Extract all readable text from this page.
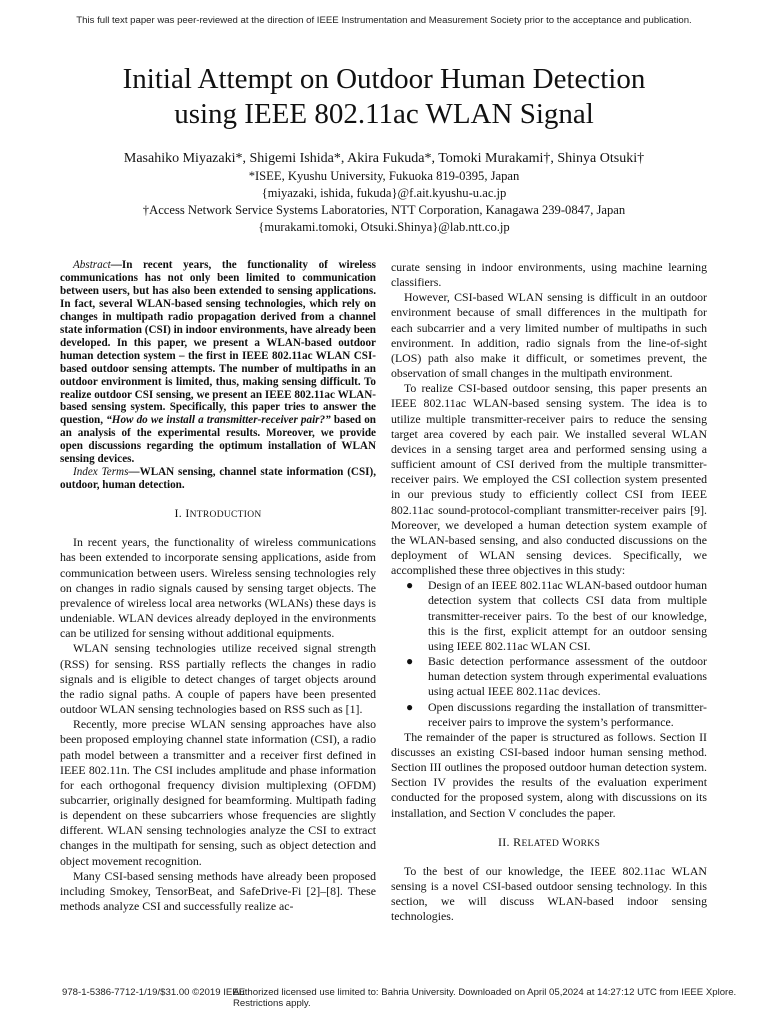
This full text paper was peer-reviewed at the direction of IEEE Instrumentation and Measurement Society prior to the acceptance and publication.
Initial Attempt on Outdoor Human Detection
using IEEE 802.11ac WLAN Signal
Masahiko Miyazaki*, Shigemi Ishida*, Akira Fukuda*, Tomoki Murakami†, Shinya Otsuki†
*ISEE, Kyushu University, Fukuoka 819-0395, Japan
{miyazaki, ishida, fukuda}@f.ait.kyushu-u.ac.jp
†Access Network Service Systems Laboratories, NTT Corporation, Kanagawa 239-0847, Japan
{murakami.tomoki, Otsuki.Shinya}@lab.ntt.co.jp

Abstract—In recent years, the functionality of wireless communications has not only been limited to communication between users, but has also been extended to sensing applications. In fact, several WLAN-based sensing technologies, which rely on changes in multipath radio propagation derived from a channel state information (CSI) in indoor environments, have already been developed. In this paper, we present a WLAN-based outdoor human detection system – the first in IEEE 802.11ac WLAN CSI-based outdoor sensing attempts. The number of multipaths in an outdoor environment is limited, thus, making sensing difficult. To realize outdoor CSI sensing, we present an IEEE 802.11ac WLAN-based sensing system. Specifically, this paper tries to answer the question, “How do we install a transmitter-receiver pair?” based on an analysis of the experimental results. Moreover, we provide open discussions regarding the optimum installation of WLAN sensing devices.

Index Terms—WLAN sensing, channel state information (CSI), outdoor, human detection.

I. INTRODUCTION

In recent years, the functionality of wireless communications has been extended to incorporate sensing applications, aside from communication between users. Wireless sensing technologies rely on changes in radio signals caused by sensing target objects. The prevalence of wireless local area networks (WLANs) these days is undeniable. WLAN devices already deployed in the environments can be utilized for sensing without additional equipments.

WLAN sensing technologies utilize received signal strength (RSS) for sensing. RSS partially reflects the changes in radio signals and is eligible to detect changes of target objects around the radio signal paths. A couple of papers have been presented outdoor WLAN sensing technologies based on RSS such as [1].

Recently, more precise WLAN sensing approaches have also been proposed employing channel state information (CSI), a radio path model between a transmitter and a receiver first defined in IEEE 802.11n. The CSI includes amplitude and phase information for each orthogonal frequency division multiplexing (OFDM) subcarrier, originally designed for beamforming. Multipath fading is dependent on these subcarriers whose frequencies are slightly different. WLAN sensing technologies analyze the CSI to extract changes in the multipath for sensing, such as object detection and object movement recognition.

Many CSI-based sensing methods have already been proposed including Smokey, TensorBeat, and SafeDrive-Fi [2]–[8]. These methods analyze CSI and successfully realize ac-

curate sensing in indoor environments, using machine learning classifiers.

However, CSI-based WLAN sensing is difficult in an outdoor environment because of small differences in the multipath for each subcarrier and a very limited number of multipaths in such environment. In addition, radio signals from the line-of-sight (LOS) path also make it difficult, or sometimes prevent, the observation of small changes in the multipath environment.

To realize CSI-based outdoor sensing, this paper presents an IEEE 802.11ac WLAN-based sensing system. The idea is to utilize multiple transmitter-receiver pairs to reduce the sensing target area covered by each pair. We installed several WLAN devices in a sensing target area and performed sensing using a sufficient amount of CSI derived from the multiple transmitter-receiver pairs. We employed the CSI collection system presented in our previous study to efficiently collect CSI from IEEE 802.11ac sound-protocol-compliant transmitter-receiver pairs [9]. Moreover, we developed a human detection system example of the WLAN-based sensing, and also conducted discussions on the deployment of WLAN sensing devices. Specifically, we accomplished these three objectives in this study:

● Design of an IEEE 802.11ac WLAN-based outdoor human detection system that collects CSI data from multiple transmitter-receiver pairs. To the best of our knowledge, this is the first, explicit attempt for an outdoor sensing using IEEE 802.11ac WLAN CSI.
● Basic detection performance assessment of the outdoor human detection system through experimental evaluations using actual IEEE 802.11ac devices.
● Open discussions regarding the installation of transmitter-receiver pairs to improve the system’s performance.

The remainder of the paper is structured as follows. Section II discusses an existing CSI-based indoor human sensing method. Section III outlines the proposed outdoor human detection system. Section IV provides the results of the evaluation experiment conducted for the proposed system, along with discussions on its installation, and Section V concludes the paper.

II. RELATED WORKS

To the best of our knowledge, the IEEE 802.11ac WLAN sensing is a novel CSI-based outdoor sensing technology. In this section, we will discuss WLAN-based indoor sensing technologies.

978-1-5386-7712-1/19/$31.00 ©2019 IEEE
Authorized licensed use limited to: Bahria University. Downloaded on April 05,2024 at 14:27:12 UTC from IEEE Xplore. Restrictions apply.
